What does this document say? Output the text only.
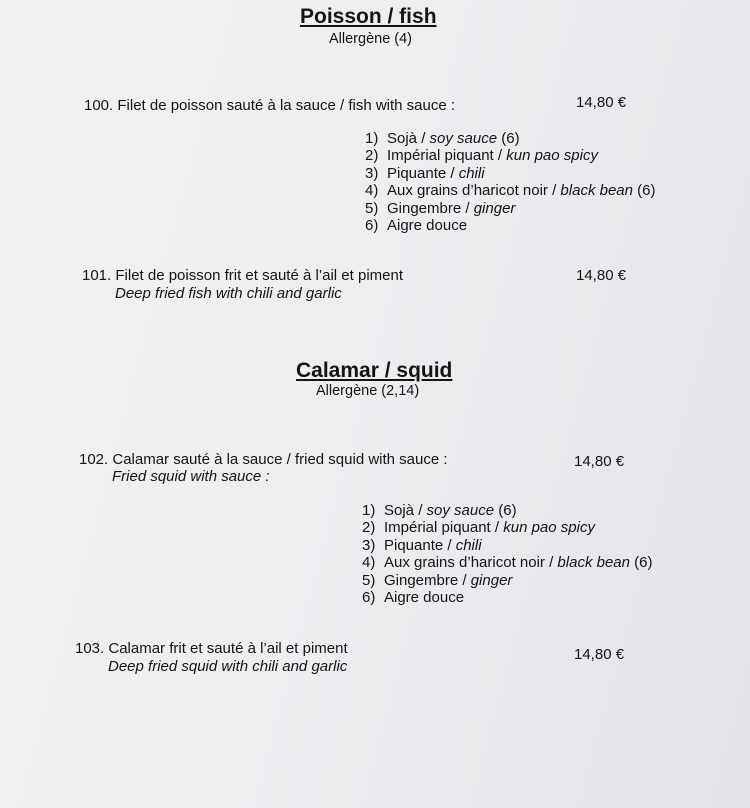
Poisson / fish
Allergène (4)
100. Filet de poisson sauté à la sauce / fish with sauce :	14,80 €
1) Sojà / soy sauce (6)
2) Impérial piquant / kun pao spicy
3) Piquante / chili
4) Aux grains d’haricot noir / black bean (6)
5) Gingembre / ginger
6) Aigre douce
101. Filet de poisson frit et sauté à l’ail et piment
Deep fried fish with chili and garlic
14,80 €
Calamar / squid
Allergène (2,14)
102. Calamar sauté à la sauce / fried squid with sauce :
Fried squid with sauce :
14,80 €
1) Sojà / soy sauce (6)
2) Impérial piquant / kun pao spicy
3) Piquante / chili
4) Aux grains d’haricot noir / black bean (6)
5) Gingembre / ginger
6) Aigre douce
103. Calamar frit et sauté à l’ail et piment
Deep fried squid with chili and garlic
14,80 €
